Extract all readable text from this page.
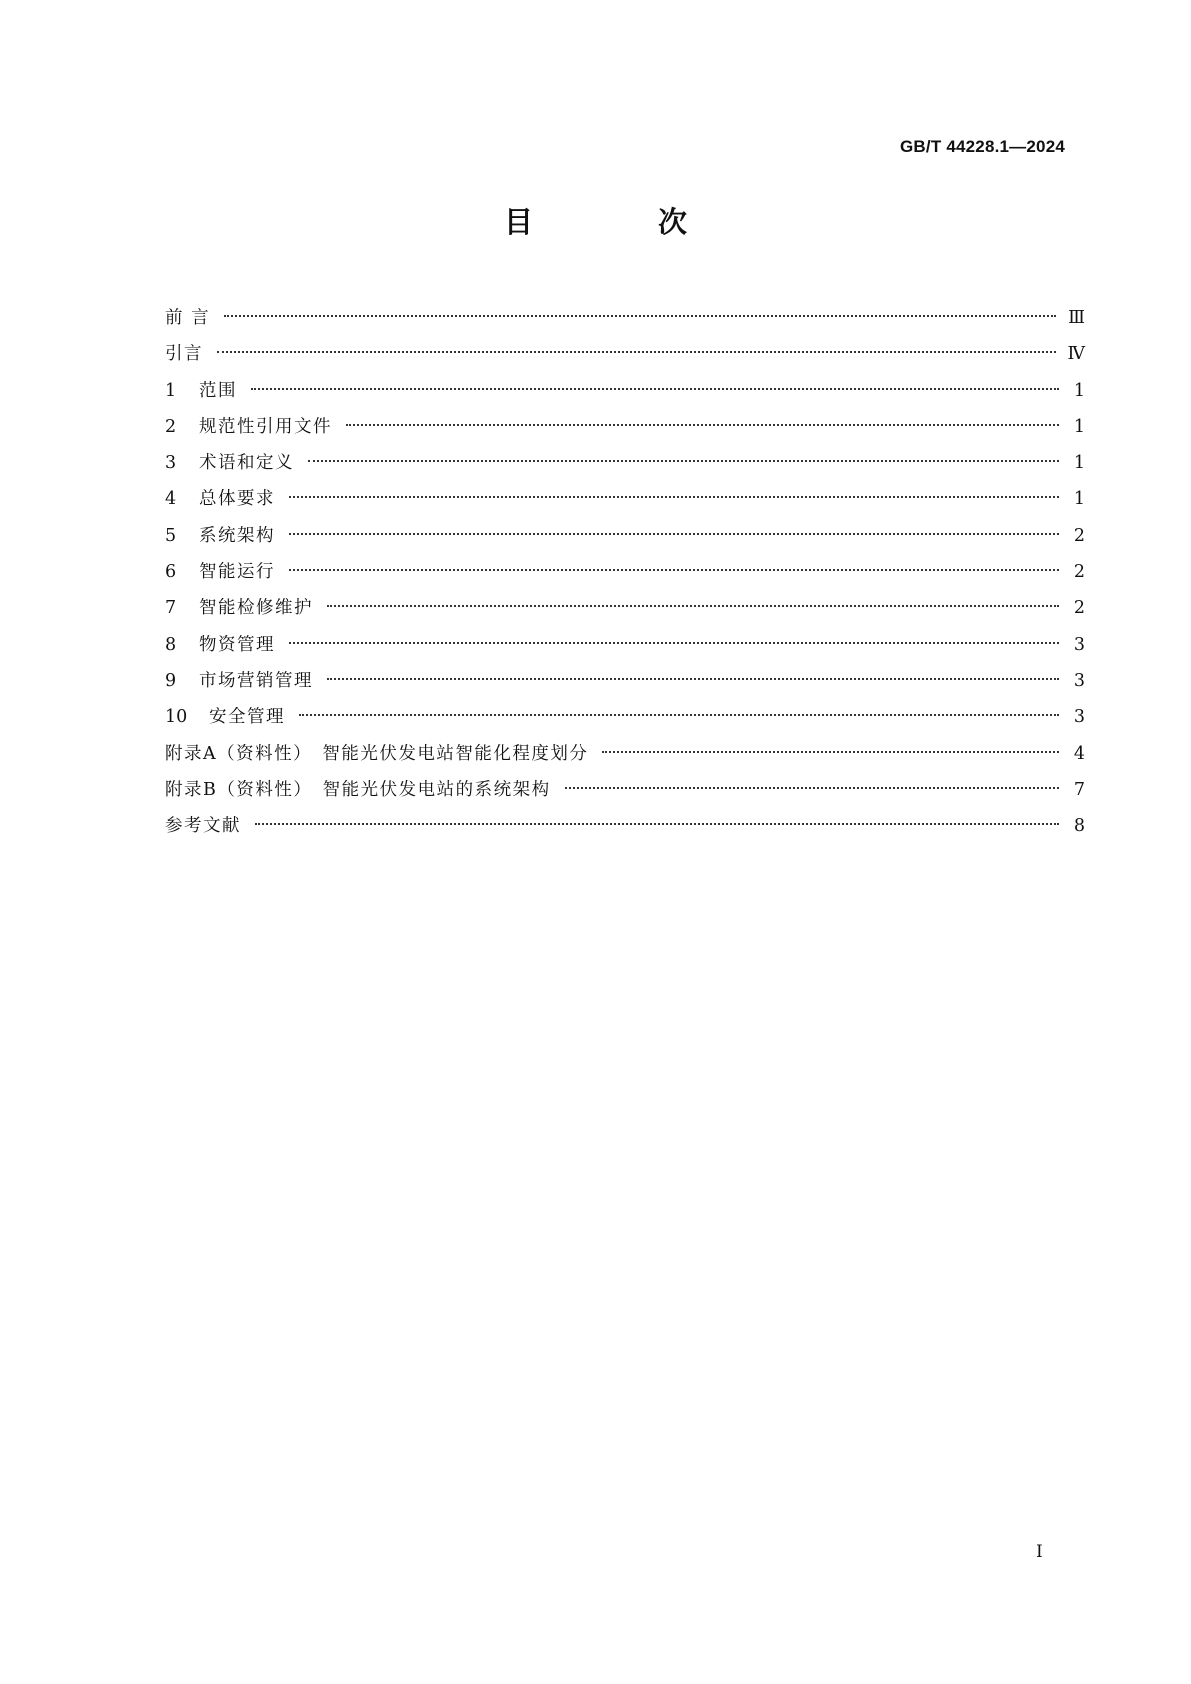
GB/T 44228.1—2024
目　次
前 言	Ⅲ
引言	Ⅳ
1	范围	1
2	规范性引用文件	1
3	术语和定义	1
4	总体要求	1
5	系统架构	2
6	智能运行	2
7	智能检修维护	2
8	物资管理	3
9	市场营销管理	3
10	安全管理	3
附录A（资料性）　智能光伏发电站智能化程度划分	4
附录B（资料性）　智能光伏发电站的系统架构	7
参考文献	8
Ⅰ
